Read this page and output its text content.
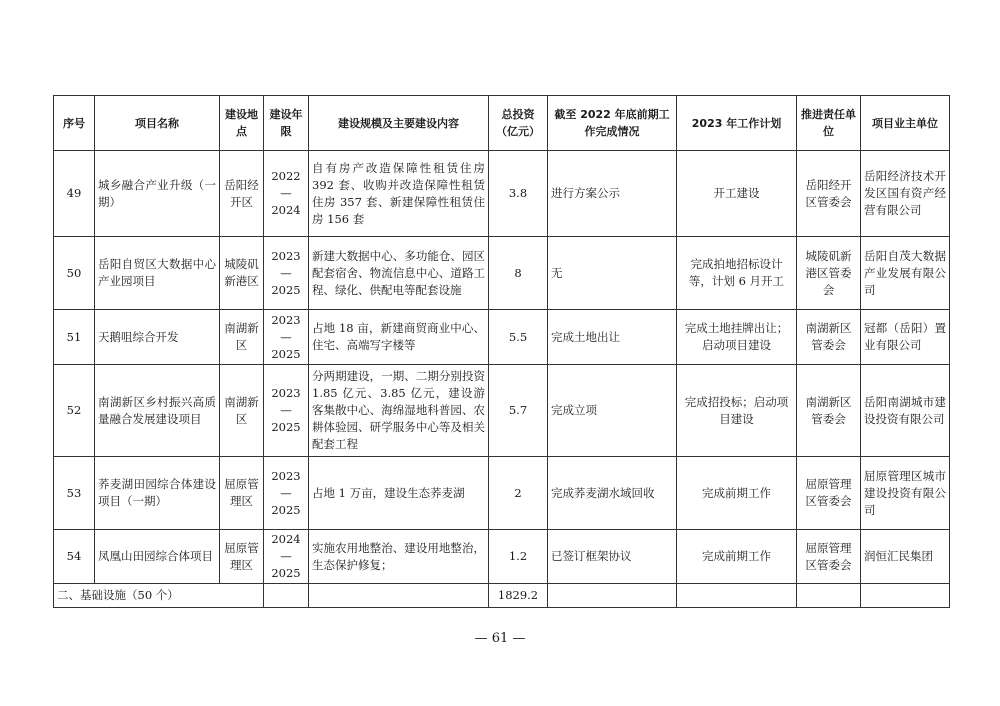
序号	项目名称	建设地点	建设年限	建设规模及主要建设内容	总投资（亿元）	截至 2022 年底前期工作完成情况	2023 年工作计划	推进责任单位	项目业主单位
49	城乡融合产业升级（一期）	岳阳经开区	2022—2024	自有房产改造保障性租赁住房 392 套、收购并改造保障性租赁住房 357 套、新建保障性租赁住房 156 套	3.8	进行方案公示	开工建设	岳阳经开区管委会	岳阳经济技术开发区国有资产经营有限公司
50	岳阳自贸区大数据中心产业园项目	城陵矶新港区	2023—2025	新建大数据中心、多功能仓、园区配套宿舍、物流信息中心、道路工程、绿化、供配电等配套设施	8	无	完成拍地招标设计等，计划 6 月开工	城陵矶新港区管委会	岳阳自茂大数据产业发展有限公司
51	天鹅咀综合开发	南湖新区	2023—2025	占地 18 亩，新建商贸商业中心、住宅、高端写字楼等	5.5	完成土地出让	完成土地挂牌出让；启动项目建设	南湖新区管委会	冠都（岳阳）置业有限公司
52	南湖新区乡村振兴高质量融合发展建设项目	南湖新区	2023—2025	分两期建设，一期、二期分别投资 1.85 亿元、3.85 亿元，建设游客集散中心、海绵湿地科普园、农耕体验园、研学服务中心等及相关配套工程	5.7	完成立项	完成招投标；启动项目建设	南湖新区管委会	岳阳南湖城市建设投资有限公司
53	荞麦湖田园综合体建设项目（一期）	屈原管理区	2023—2025	占地 1 万亩，建设生态荞麦湖	2	完成荞麦湖水域回收	完成前期工作	屈原管理区管委会	屈原管理区城市建设投资有限公司
54	凤凰山田园综合体项目	屈原管理区	2024—2025	实施农用地整治、建设用地整治，生态保护修复；	1.2	已签订框架协议	完成前期工作	屈原管理区管委会	润恒汇民集团
二、基础设施（50 个）					1829.2				
— 61 —
